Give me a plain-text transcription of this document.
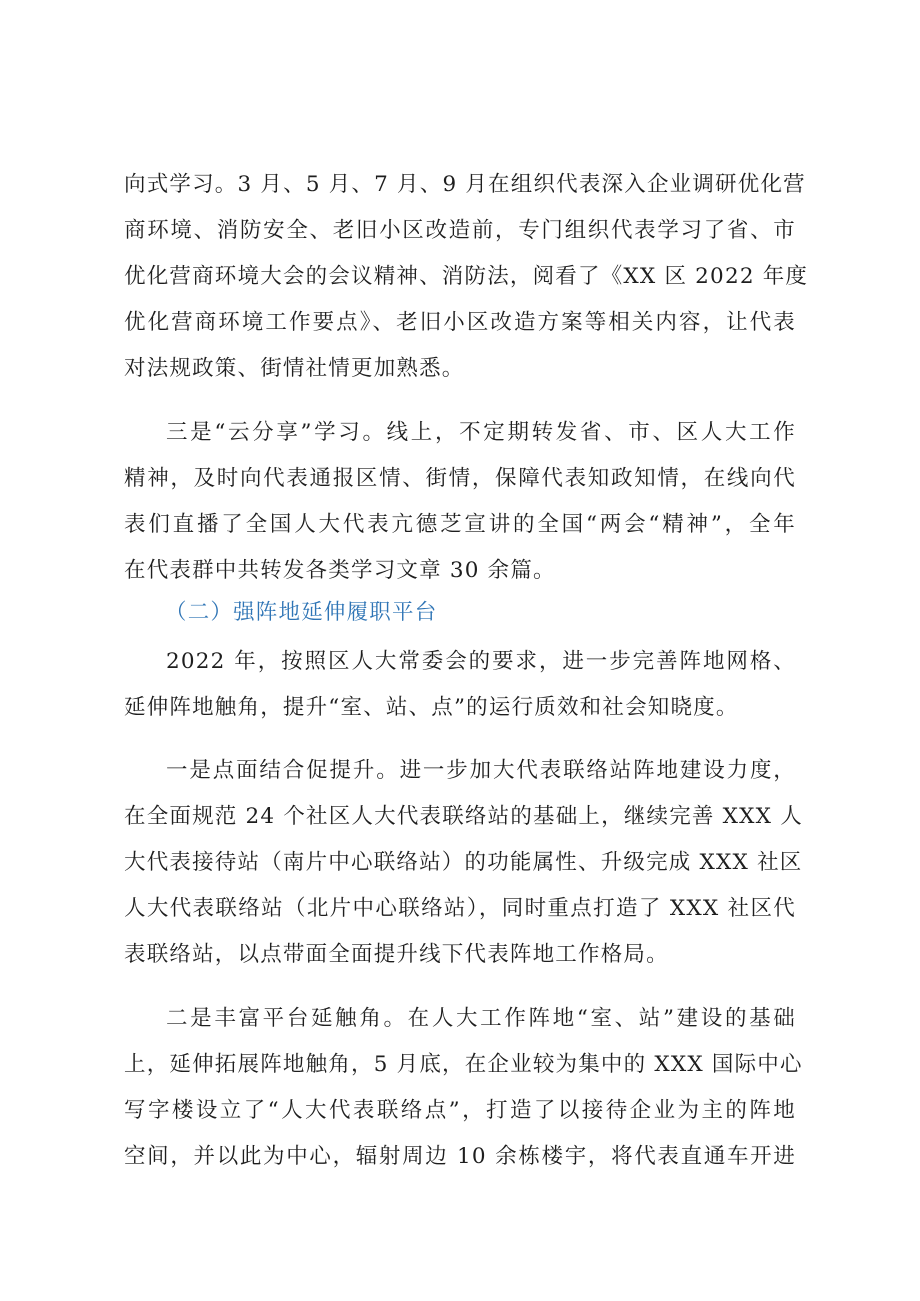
向式学习。3 月、5 月、7 月、9 月在组织代表深入企业调研优化营
商环境、消防安全、老旧小区改造前，专门组织代表学习了省、市
优化营商环境大会的会议精神、消防法，阅看了《XX 区 2022 年度
优化营商环境工作要点》、老旧小区改造方案等相关内容，让代表
对法规政策、街情社情更加熟悉。
三是“云分享”学习。线上，不定期转发省、市、区人大工作
精神，及时向代表通报区情、街情，保障代表知政知情，在线向代
表们直播了全国人大代表亢德芝宣讲的全国“两会“精神”，全年
在代表群中共转发各类学习文章 30 余篇。
（二）强阵地延伸履职平台
2022 年，按照区人大常委会的要求，进一步完善阵地网格、
延伸阵地触角，提升“室、站、点”的运行质效和社会知晓度。
一是点面结合促提升。进一步加大代表联络站阵地建设力度，
在全面规范 24 个社区人大代表联络站的基础上，继续完善 XXX 人
大代表接待站（南片中心联络站）的功能属性、升级完成 XXX 社区
人大代表联络站（北片中心联络站），同时重点打造了 XXX 社区代
表联络站，以点带面全面提升线下代表阵地工作格局。
二是丰富平台延触角。在人大工作阵地“室、站”建设的基础
上，延伸拓展阵地触角，5 月底，在企业较为集中的 XXX 国际中心
写字楼设立了“人大代表联络点”，打造了以接待企业为主的阵地
空间，并以此为中心，辐射周边 10 余栋楼宇，将代表直通车开进
